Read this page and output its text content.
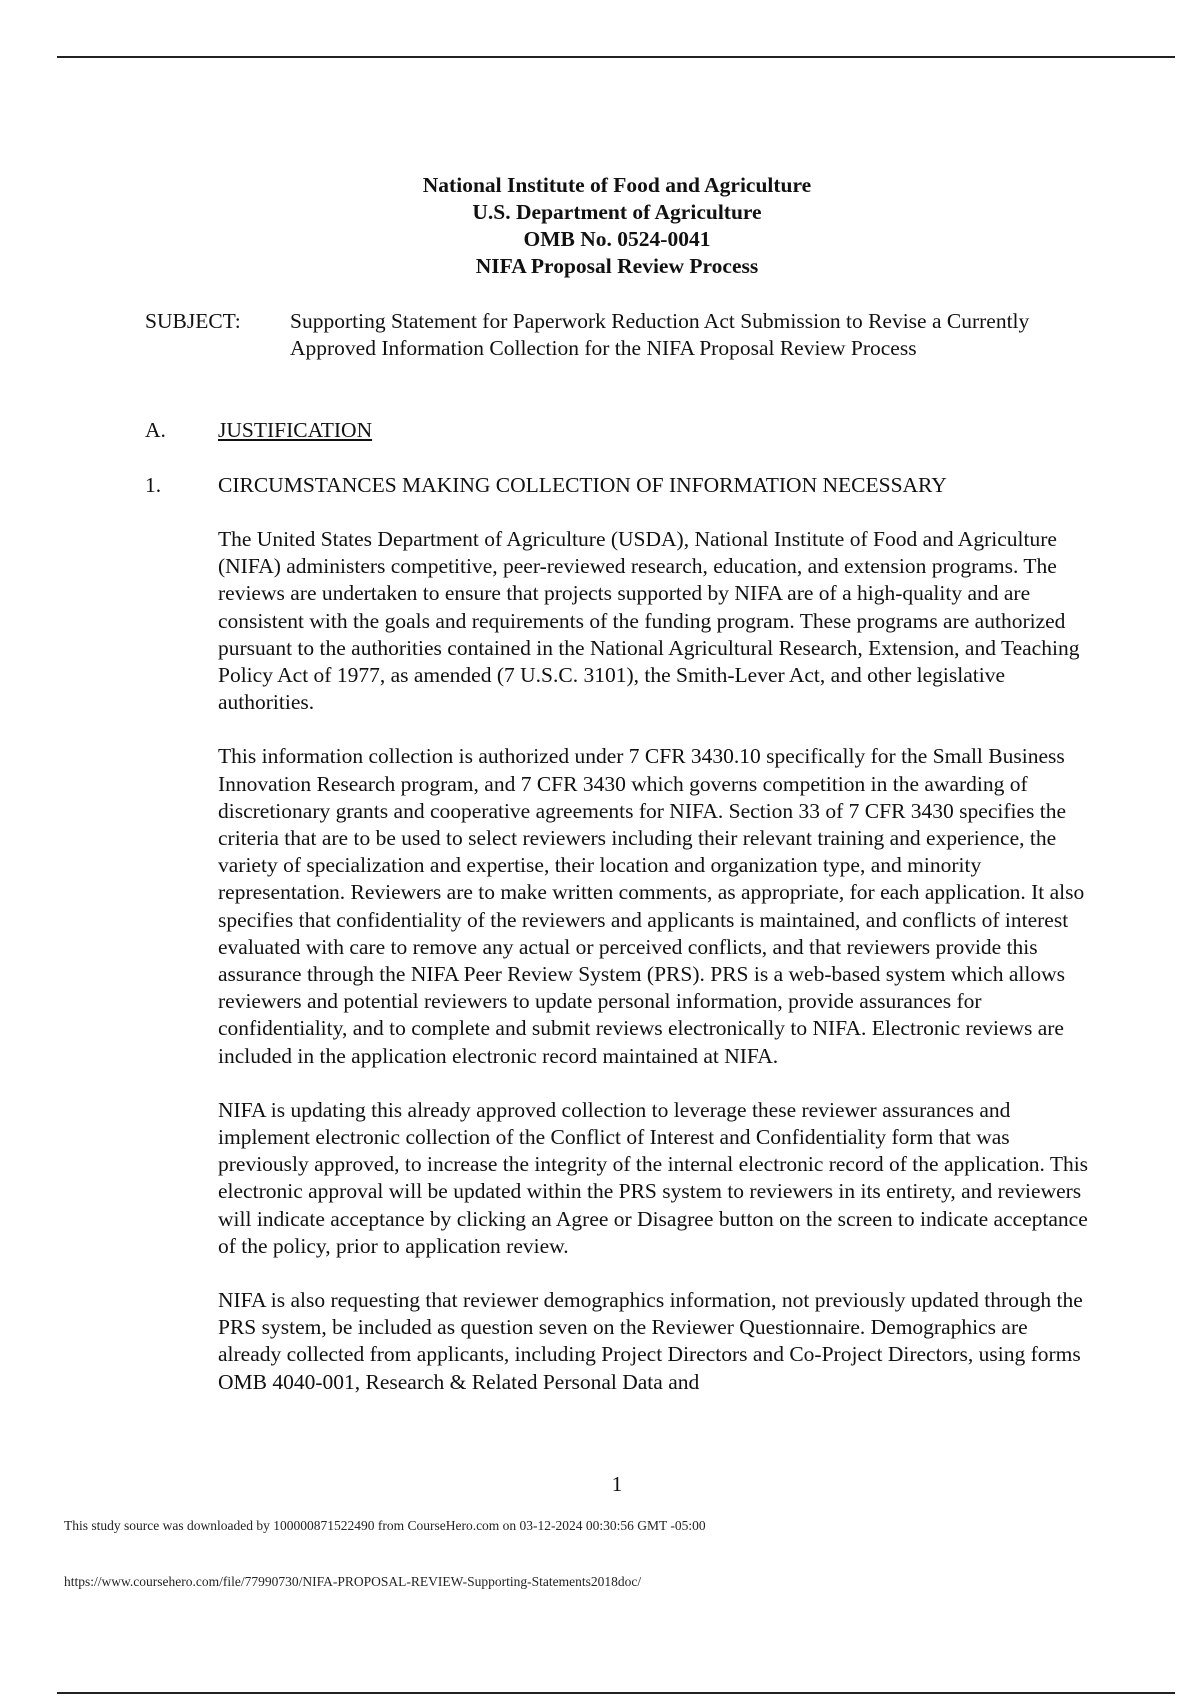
National Institute of Food and Agriculture
U.S. Department of Agriculture
OMB No. 0524-0041
NIFA Proposal Review Process
SUBJECT: Supporting Statement for Paperwork Reduction Act Submission to Revise a Currently Approved Information Collection for the NIFA Proposal Review Process
A. JUSTIFICATION
1.	CIRCUMSTANCES MAKING COLLECTION OF INFORMATION NECESSARY

The United States Department of Agriculture (USDA), National Institute of Food and Agriculture (NIFA) administers competitive, peer-reviewed research, education, and extension programs. The reviews are undertaken to ensure that projects supported by NIFA are of a high-quality and are consistent with the goals and requirements of the funding program. These programs are authorized pursuant to the authorities contained in the National Agricultural Research, Extension, and Teaching Policy Act of 1977, as amended (7 U.S.C. 3101), the Smith-Lever Act, and other legislative authorities.

This information collection is authorized under 7 CFR 3430.10 specifically for the Small Business Innovation Research program, and 7 CFR 3430 which governs competition in the awarding of discretionary grants and cooperative agreements for NIFA. Section 33 of 7 CFR 3430 specifies the criteria that are to be used to select reviewers including their relevant training and experience, the variety of specialization and expertise, their location and organization type, and minority representation. Reviewers are to make written comments, as appropriate, for each application. It also specifies that confidentiality of the reviewers and applicants is maintained, and conflicts of interest evaluated with care to remove any actual or perceived conflicts, and that reviewers provide this assurance through the NIFA Peer Review System (PRS). PRS is a web-based system which allows reviewers and potential reviewers to update personal information, provide assurances for confidentiality, and to complete and submit reviews electronically to NIFA. Electronic reviews are included in the application electronic record maintained at NIFA.

NIFA is updating this already approved collection to leverage these reviewer assurances and implement electronic collection of the Conflict of Interest and Confidentiality form that was previously approved, to increase the integrity of the internal electronic record of the application. This electronic approval will be updated within the PRS system to reviewers in its entirety, and reviewers will indicate acceptance by clicking an Agree or Disagree button on the screen to indicate acceptance of the policy, prior to application review.

NIFA is also requesting that reviewer demographics information, not previously updated through the PRS system, be included as question seven on the Reviewer Questionnaire. Demographics are already collected from applicants, including Project Directors and Co-Project Directors, using forms OMB 4040-001, Research & Related Personal Data and

1
This study source was downloaded by 100000871522490 from CourseHero.com on 03-12-2024 00:30:56 GMT -05:00
https://www.coursehero.com/file/77990730/NIFA-PROPOSAL-REVIEW-Supporting-Statements2018doc/
